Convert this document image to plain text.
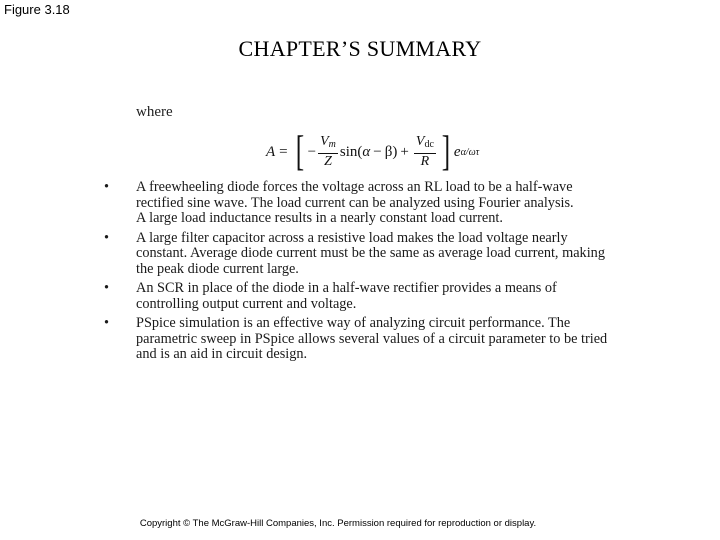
Figure 3.18
CHAPTER’S SUMMARY
where
A = [ − $\frac{V_m}{Z}$ sin ( α − β ) + $\frac{V_{dc}}{R}$ ] e α/ωτ
• A freewheeling diode forces the voltage across an RL load to be a half-wave
rectified sine wave. The load current can be analyzed using Fourier analysis.
A large load inductance results in a nearly constant load current.
• A large filter capacitor across a resistive load makes the load voltage nearly
constant. Average diode current must be the same as average load current, making
the peak diode current large.
• An SCR in place of the diode in a half-wave rectifier provides a means of
controlling output current and voltage.
• PSpice simulation is an effective way of analyzing circuit performance. The
parametric sweep in PSpice allows several values of a circuit parameter to be tried
and is an aid in circuit design.
Copyright © The McGraw-Hill Companies, Inc. Permission required for reproduction or display.
